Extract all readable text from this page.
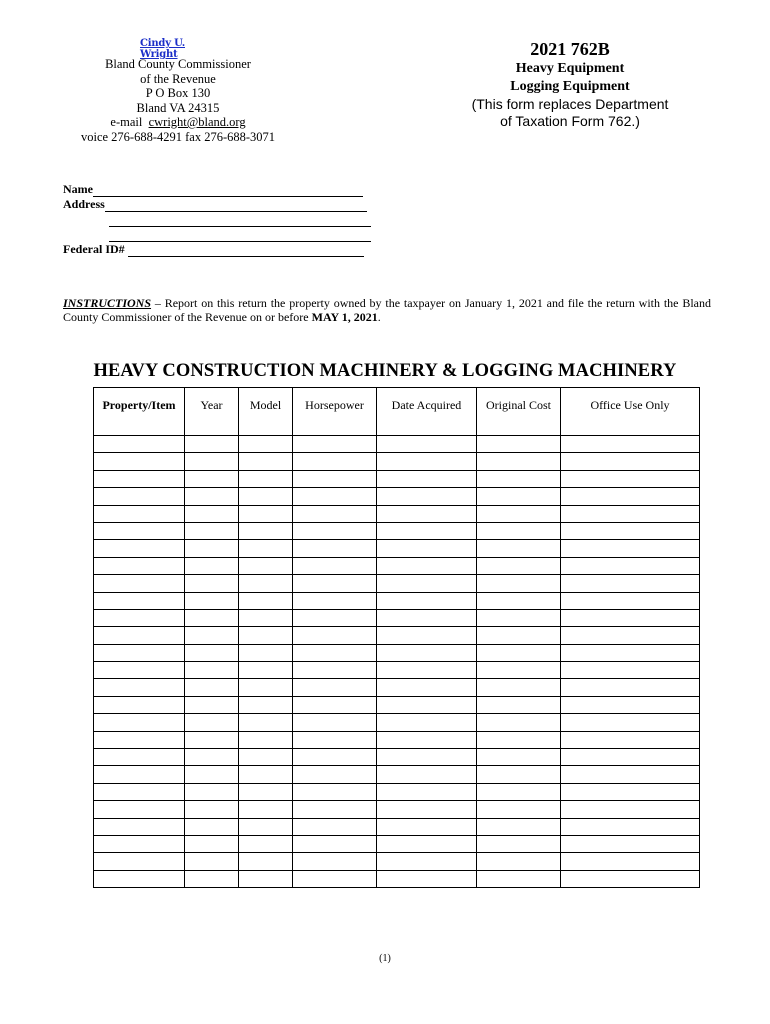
Cindy U. Wright
Bland County Commissioner
of the Revenue
P O Box 130
Bland VA 24315
e-mail cwright@bland.org
voice 276-688-4291 fax 276-688-3071
2021 762B
Heavy Equipment
Logging Equipment
(This form replaces Department
of Taxation Form 762.)
Name
Address
Federal ID#

INSTRUCTIONS – Report on this return the property owned by the taxpayer on January 1, 2021 and file the return with the Bland County Commissioner of the Revenue on or before MAY 1, 2021.
HEAVY CONSTRUCTION MACHINERY & LOGGING MACHINERY
Property/Item	Year	Model	Horsepower	Date Acquired	Original Cost	Office Use Only

(1)
